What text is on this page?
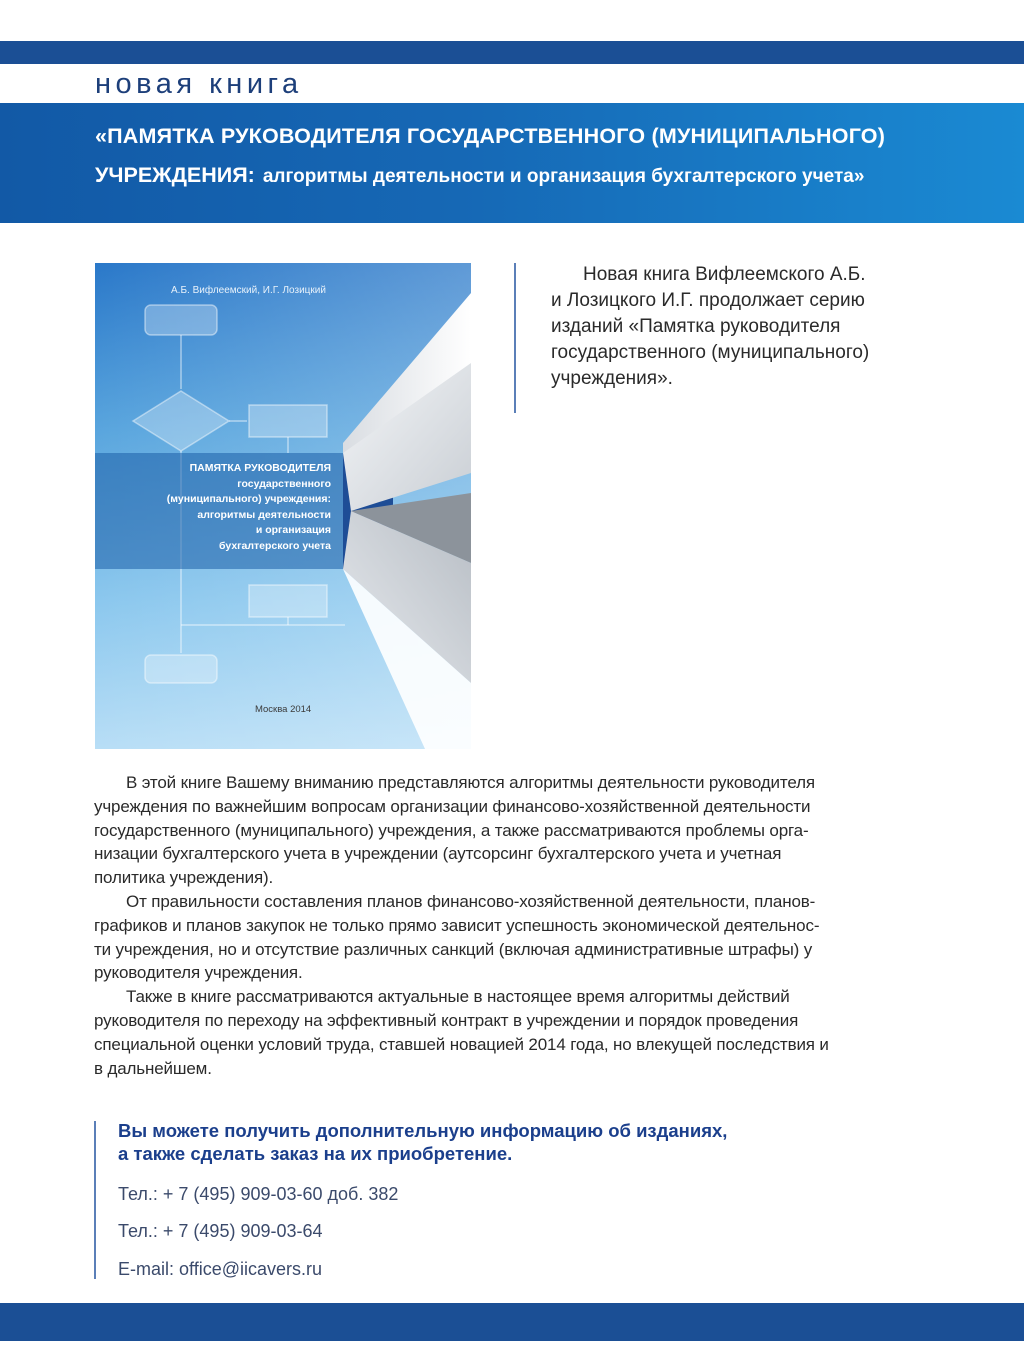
новая книга
«ПАМЯТКА РУКОВОДИТЕЛЯ ГОСУДАРСТВЕННОГО (МУНИЦИПАЛЬНОГО)
УЧРЕЖДЕНИЯ: алгоритмы деятельности и организация бухгалтерского учета»
А.Б. Вифлеемский, И.Г. Лозицкий
ПАМЯТКА РУКОВОДИТЕЛЯ
государственного
(муниципального) учреждения:
алгоритмы деятельности
и организация
бухгалтерского учета
Москва 2014
Новая книга Вифлеемского А.Б.
и Лозицкого И.Г. продолжает серию
изданий «Памятка руководителя
государственного (муниципального)
учреждения».
В этой книге Вашему вниманию представляются алгоритмы деятельности руководителя
учреждения по важнейшим вопросам организации финансово-хозяйственной деятельности
государственного (муниципального) учреждения, а также рассматриваются проблемы орга-
низации бухгалтерского учета в учреждении (аутсорсинг бухгалтерского учета и учетная
политика учреждения).
От правильности составления планов финансово-хозяйственной деятельности, планов-
графиков и планов закупок не только прямо зависит успешность экономической деятельнос-
ти учреждения, но и отсутствие различных санкций (включая административные штрафы) у
руководителя учреждения.
Также в книге рассматриваются актуальные в настоящее время алгоритмы действий
руководителя по переходу на эффективный контракт в учреждении и порядок проведения
специальной оценки условий труда, ставшей новацией 2014 года, но влекущей последствия и
в дальнейшем.
Вы можете получить дополнительную информацию об изданиях,
а также сделать заказ на их приобретение.
Тел.: + 7 (495) 909-03-60 доб. 382
Тел.: + 7 (495) 909-03-64
E-mail: office@iicavers.ru
